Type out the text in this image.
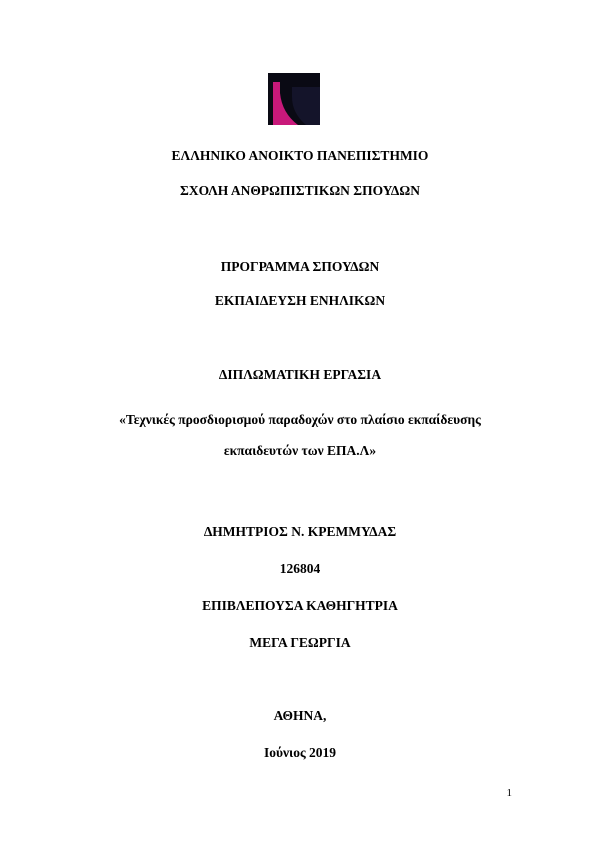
ΕΛΛΗΝΙΚΟ ΑΝΟΙΚΤΟ ΠΑΝΕΠΙΣΤΗΜΙΟ
ΣΧΟΛΗ ΑΝΘΡΩΠΙΣΤΙΚΩΝ ΣΠΟΥΔΩΝ
ΠΡΟΓΡΑΜΜΑ ΣΠΟΥΔΩΝ
ΕΚΠΑΙΔΕΥΣΗ ΕΝΗΛΙΚΩΝ
ΔΙΠΛΩΜΑΤΙΚΗ ΕΡΓΑΣΙΑ
«Τεχνικές προσδιορισμού παραδοχών στο πλαίσιο εκπαίδευσης
εκπαιδευτών των ΕΠΑ.Λ»
ΔΗΜΗΤΡΙΟΣ Ν. ΚΡΕΜΜΥΔΑΣ
126804
ΕΠΙΒΛΕΠΟΥΣΑ ΚΑΘΗΓΗΤΡΙΑ
ΜΕΓΑ ΓΕΩΡΓΙΑ
ΑΘΗΝΑ,
Ιούνιος 2019
1
